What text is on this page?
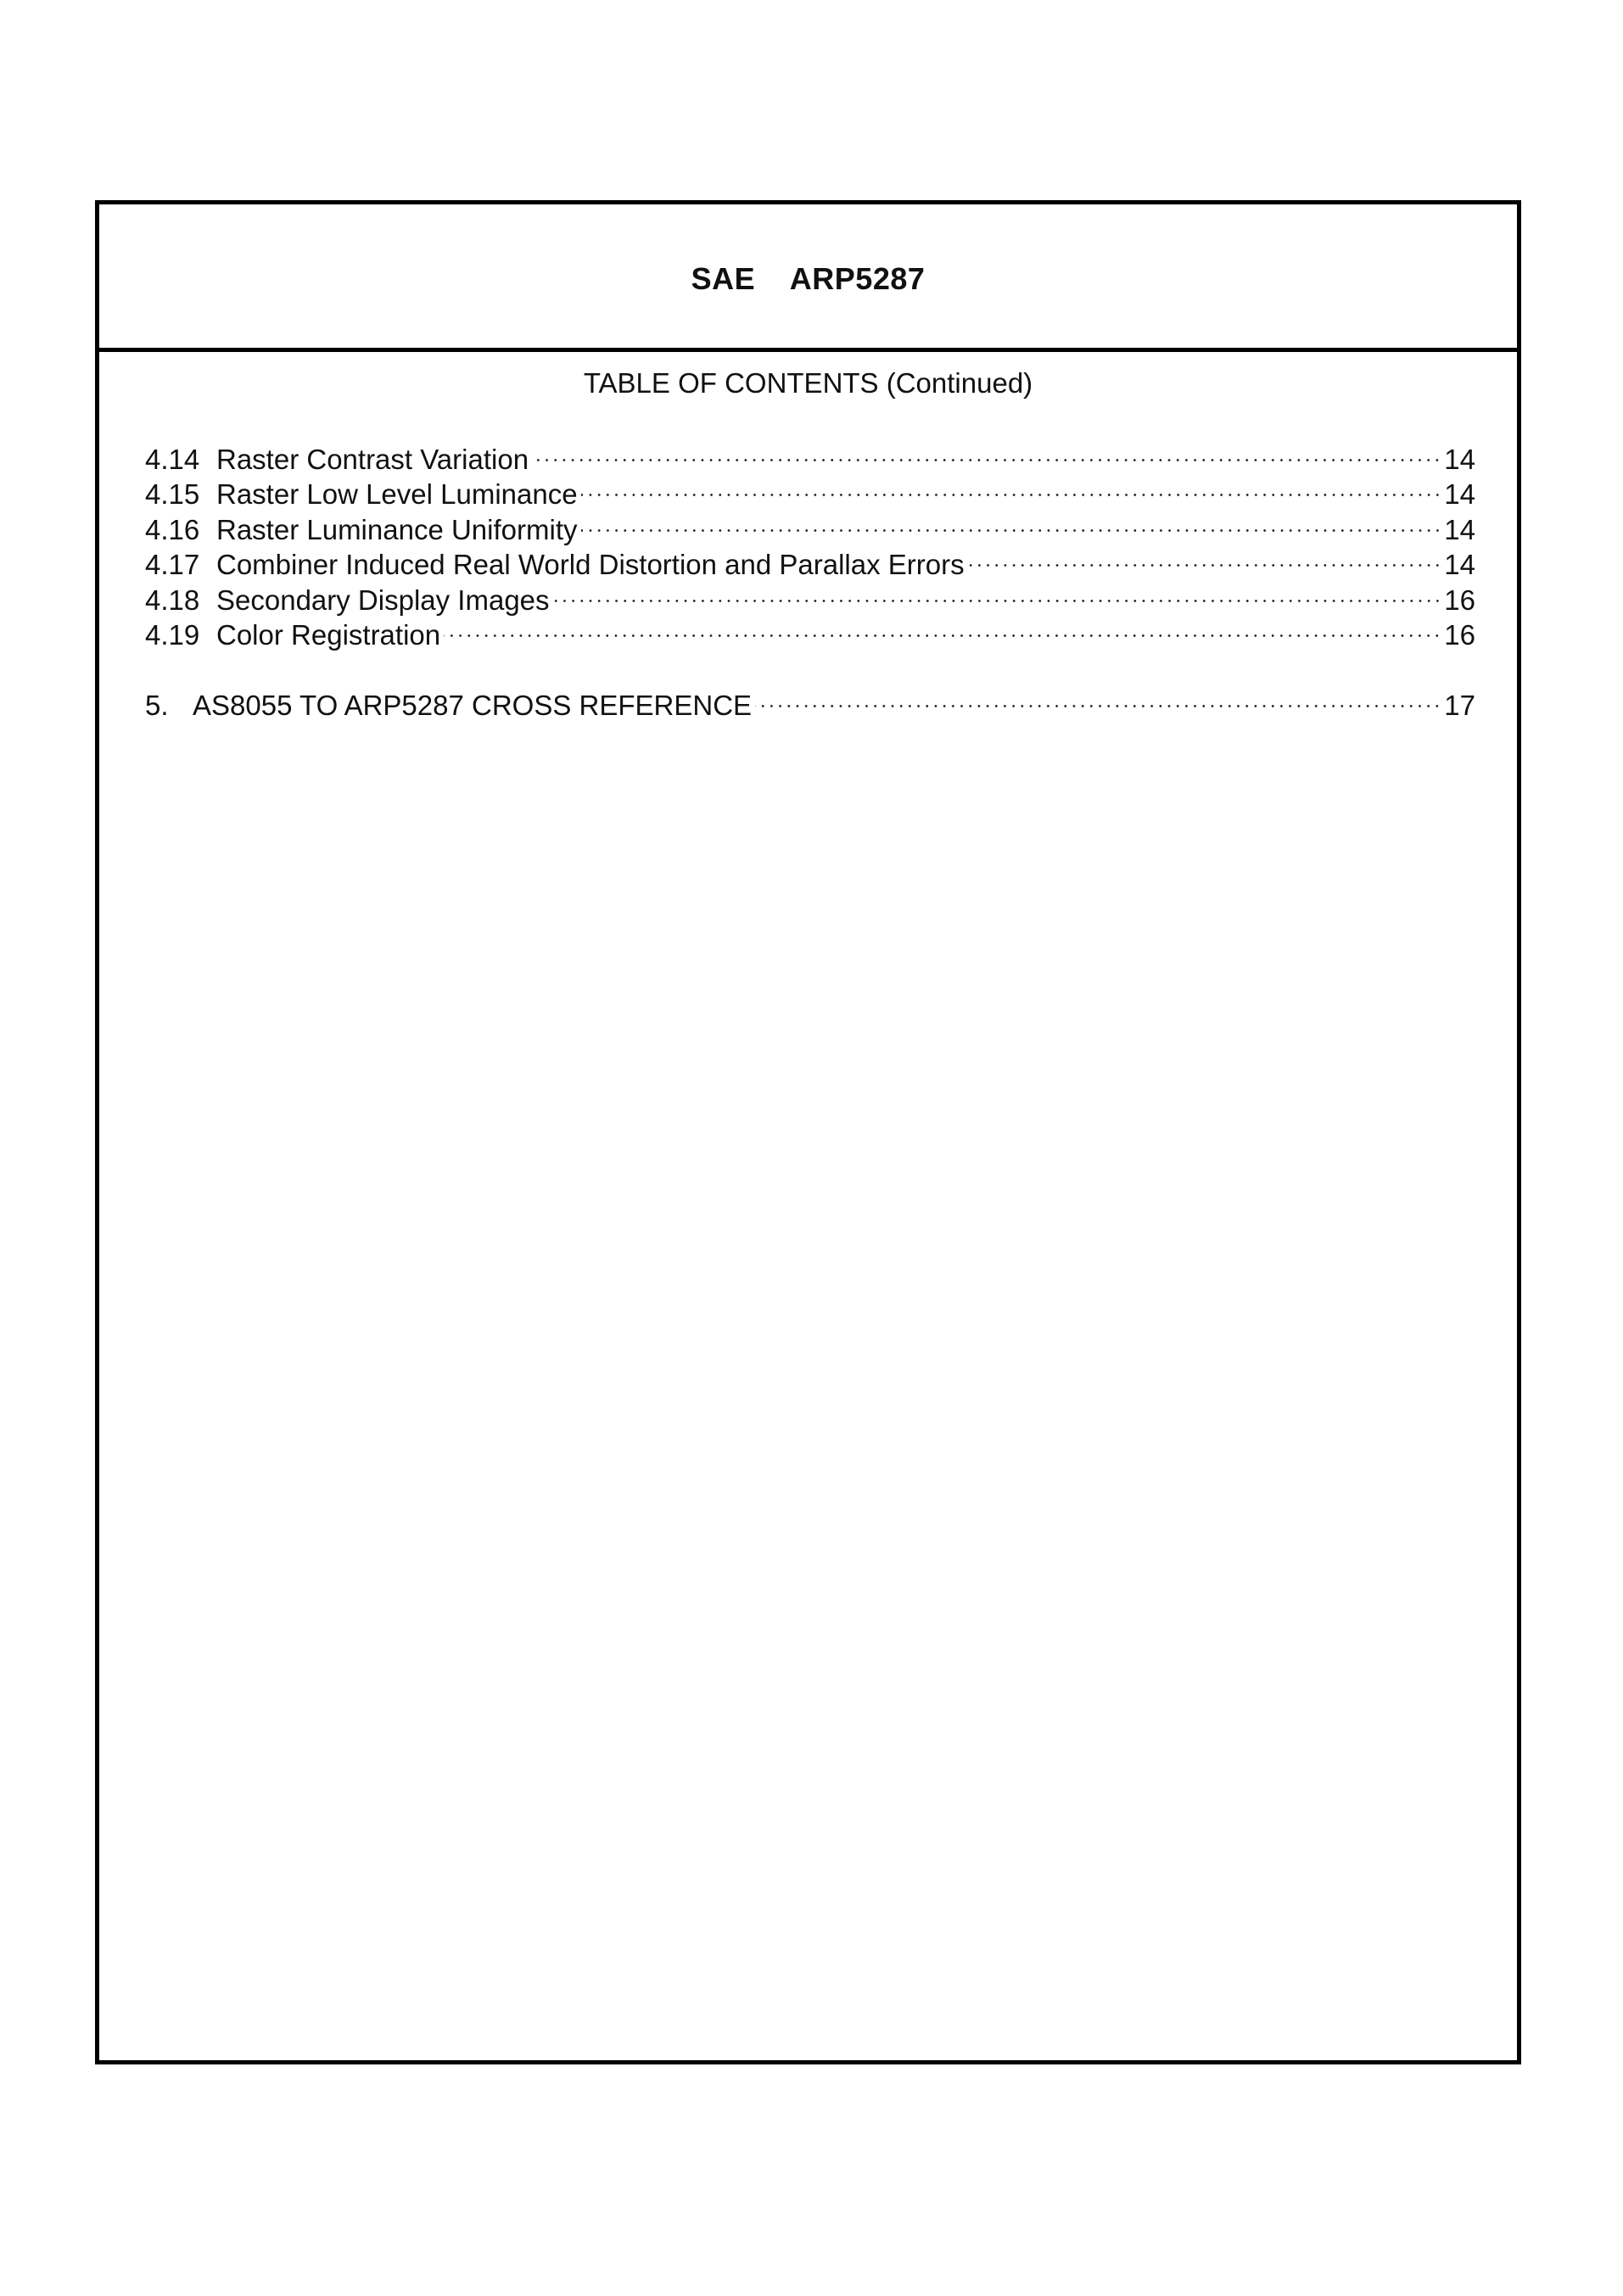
SAE    ARP5287
TABLE OF CONTENTS (Continued)
4.14 Raster Contrast Variation	14
4.15 Raster Low Level Luminance	14
4.16 Raster Luminance Uniformity	14
4.17 Combiner Induced Real World Distortion and Parallax Errors	14
4.18 Secondary Display Images	16
4.19 Color Registration	16
5. AS8055 TO ARP5287 CROSS REFERENCE	17
